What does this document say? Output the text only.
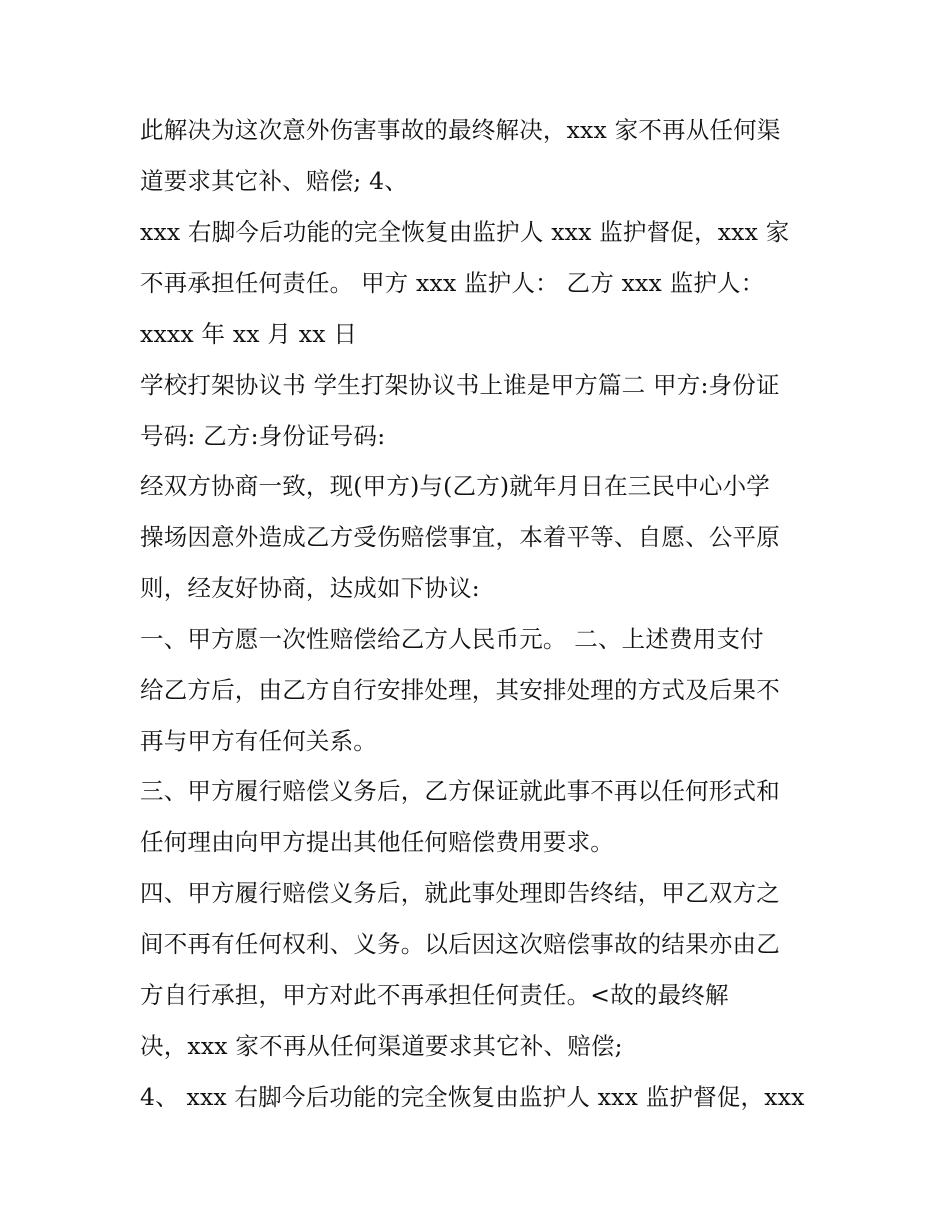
此解决为这次意外伤害事故的最终解决，xxx 家不再从任何渠
道要求其它补、赔偿; 4、
xxx 右脚今后功能的完全恢复由监护人 xxx 监护督促，xxx 家
不再承担任何责任。 甲方 xxx 监护人： 乙方 xxx 监护人：
xxxx 年 xx 月 xx 日
学校打架协议书 学生打架协议书上谁是甲方篇二 甲方:身份证
号码: 乙方:身份证号码:
经双方协商一致，现(甲方)与(乙方)就年月日在三民中心小学
操场因意外造成乙方受伤赔偿事宜，本着平等、自愿、公平原
则，经友好协商，达成如下协议:
一、甲方愿一次性赔偿给乙方人民币元。 二、上述费用支付
给乙方后，由乙方自行安排处理，其安排处理的方式及后果不
再与甲方有任何关系。
三、甲方履行赔偿义务后，乙方保证就此事不再以任何形式和
任何理由向甲方提出其他任何赔偿费用要求。
四、甲方履行赔偿义务后，就此事处理即告终结，甲乙双方之
间不再有任何权利、义务。以后因这次赔偿事故的结果亦由乙
方自行承担，甲方对此不再承担任何责任。<故的最终解
决，xxx 家不再从任何渠道要求其它补、赔偿;
4、 xxx 右脚今后功能的完全恢复由监护人 xxx 监护督促，xxx
